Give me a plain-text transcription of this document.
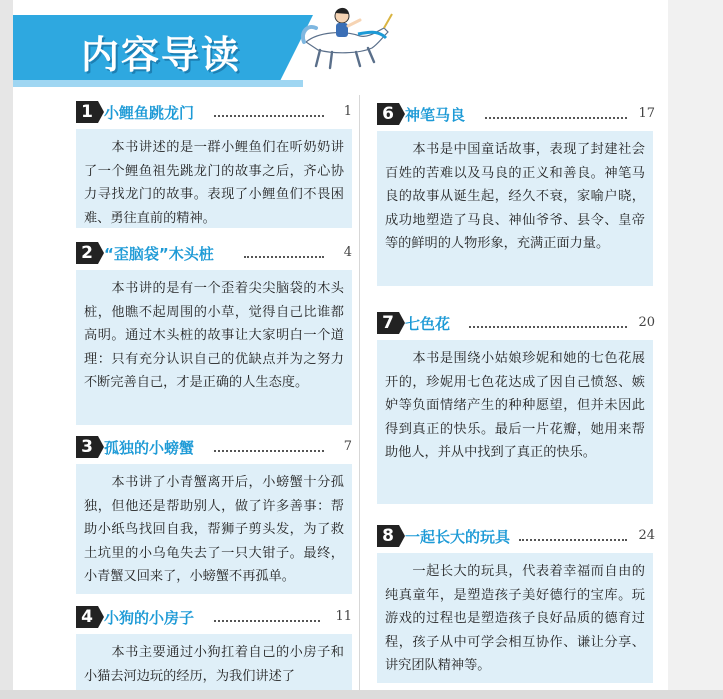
内容导读
1 小鲤鱼跳龙门	1
　　本书讲述的是一群小鲤鱼们在听奶奶讲了一个鲤鱼祖先跳龙门的故事之后，齐心协力寻找龙门的故事。表现了小鲤鱼们不畏困难、勇往直前的精神。
2 “歪脑袋”木头桩	4
　　本书讲的是有一个歪着尖尖脑袋的木头桩，他瞧不起周围的小草，觉得自己比谁都高明。通过木头桩的故事让大家明白一个道理：只有充分认识自己的优缺点并为之努力不断完善自己，才是正确的人生态度。
3 孤独的小螃蟹	7
　　本书讲了小青蟹离开后，小螃蟹十分孤独，但他还是帮助别人，做了许多善事：帮助小纸鸟找回自我，帮狮子剪头发，为了救土坑里的小乌龟失去了一只大钳子。最终，小青蟹又回来了，小螃蟹不再孤单。
4 小狗的小房子	11
　　本书主要通过小狗扛着自己的小房子和小猫去河边玩的经历，为我们讲述了
6 神笔马良	17
　　本书是中国童话故事，表现了封建社会百姓的苦难以及马良的正义和善良。神笔马良的故事从诞生起，经久不衰，家喻户晓，成功地塑造了马良、神仙爷爷、县令、皇帝等的鲜明的人物形象，充满正面力量。
7 七色花	20
　　本书是围绕小姑娘珍妮和她的七色花展开的，珍妮用七色花达成了因自己愤怒、嫉妒等负面情绪产生的种种愿望，但并未因此得到真正的快乐。最后一片花瓣，她用来帮助他人，并从中找到了真正的快乐。
8 一起长大的玩具	24
　　一起长大的玩具，代表着幸福而自由的纯真童年，是塑造孩子美好德行的宝库。玩游戏的过程也是塑造孩子良好品质的德育过程，孩子从中可学会相互协作、谦让分享、讲究团队精神等。
